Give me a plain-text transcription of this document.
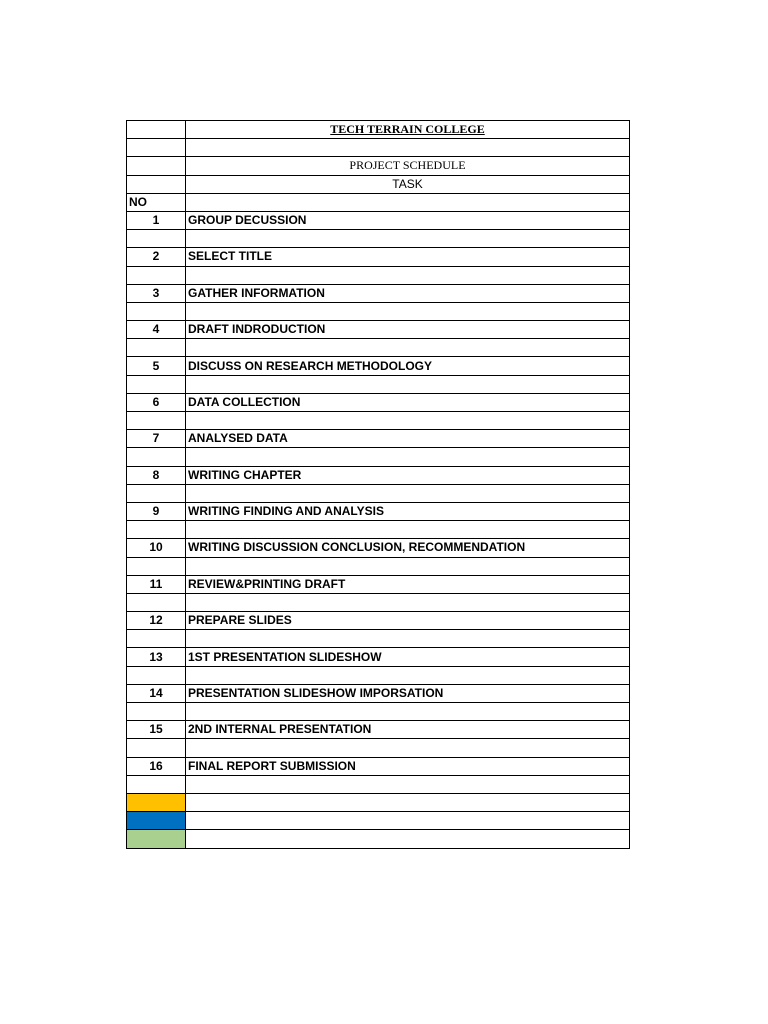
	TECH TERRAIN COLLEGE

	PROJECT SCHEDULE
	TASK
NO	
1	GROUP DECUSSION

2	SELECT TITLE

3	GATHER INFORMATION

4	DRAFT INDRODUCTION

5	DISCUSS ON RESEARCH METHODOLOGY

6	DATA COLLECTION

7	ANALYSED DATA

8	WRITING CHAPTER

9	WRITING FINDING AND ANALYSIS

10	WRITING DISCUSSION CONCLUSION, RECOMMENDATION

11	REVIEW&PRINTING DRAFT

12	PREPARE SLIDES

13	1ST PRESENTATION SLIDESHOW

14	PRESENTATION SLIDESHOW IMPORSATION

15	2ND INTERNAL PRESENTATION

16	FINAL REPORT SUBMISSION
